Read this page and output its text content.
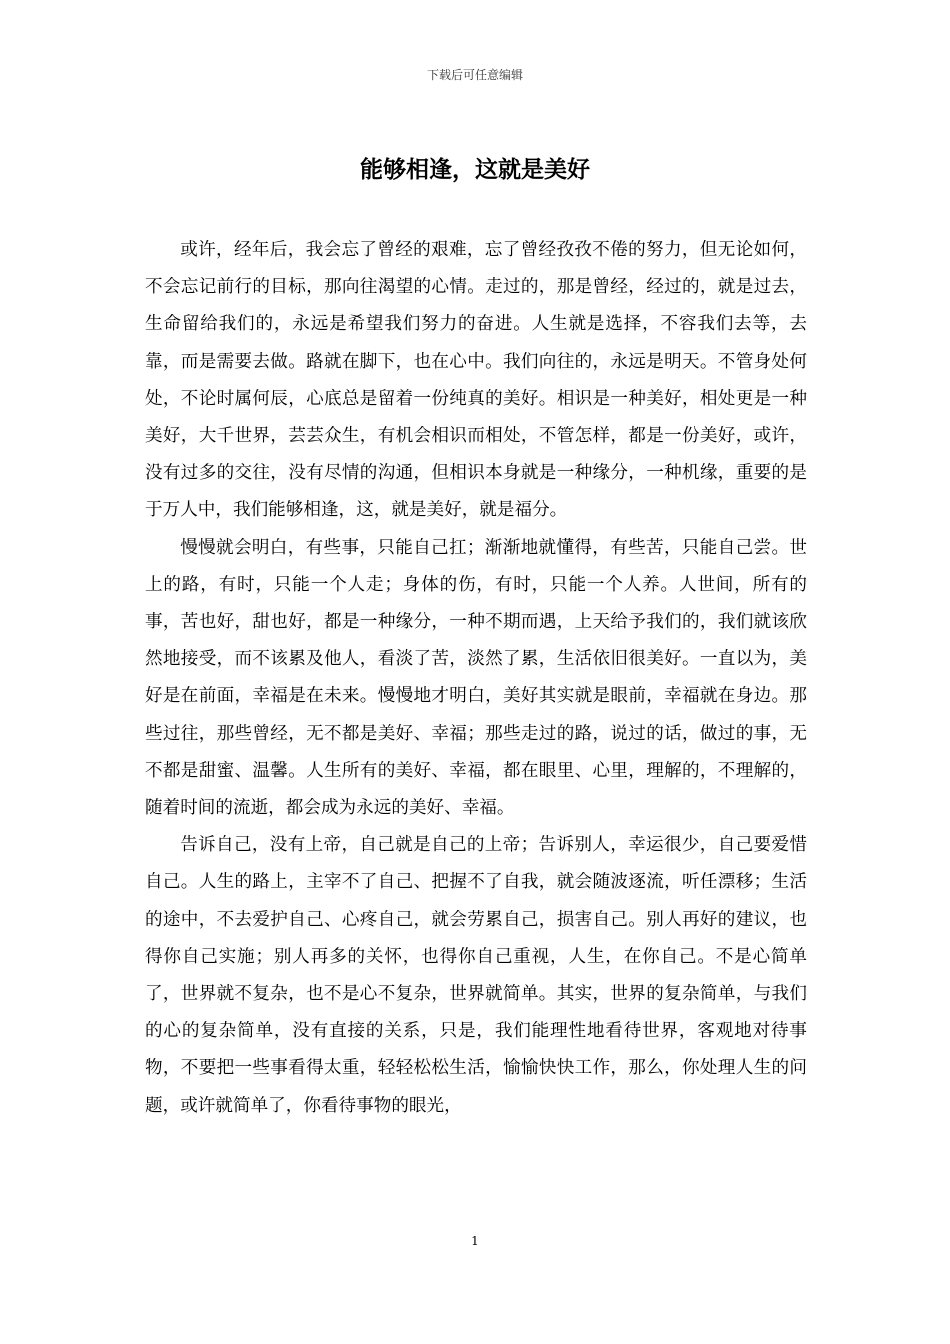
下载后可任意编辑
能够相逢，这就是美好

或许，经年后，我会忘了曾经的艰难，忘了曾经孜孜不倦的努力，但无论如何，不会忘记前行的目标，那向往渴望的心情。走过的，那是曾经，经过的，就是过去，生命留给我们的，永远是希望我们努力的奋进。人生就是选择，不容我们去等，去靠，而是需要去做。路就在脚下，也在心中。我们向往的，永远是明天。不管身处何处，不论时属何辰，心底总是留着一份纯真的美好。相识是一种美好，相处更是一种美好，大千世界，芸芸众生，有机会相识而相处，不管怎样，都是一份美好，或许，没有过多的交往，没有尽情的沟通，但相识本身就是一种缘分，一种机缘，重要的是于万人中，我们能够相逢，这，就是美好，就是福分。

慢慢就会明白，有些事，只能自己扛；渐渐地就懂得，有些苦，只能自己尝。世上的路，有时，只能一个人走；身体的伤，有时，只能一个人养。人世间，所有的事，苦也好，甜也好，都是一种缘分，一种不期而遇，上天给予我们的，我们就该欣然地接受，而不该累及他人，看淡了苦，淡然了累，生活依旧很美好。一直以为，美好是在前面，幸福是在未来。慢慢地才明白，美好其实就是眼前，幸福就在身边。那些过往，那些曾经，无不都是美好、幸福；那些走过的路，说过的话，做过的事，无不都是甜蜜、温馨。人生所有的美好、幸福，都在眼里、心里，理解的，不理解的，随着时间的流逝，都会成为永远的美好、幸福。

告诉自己，没有上帝，自己就是自己的上帝；告诉别人，幸运很少，自己要爱惜自己。人生的路上，主宰不了自己、把握不了自我，就会随波逐流，听任漂移；生活的途中，不去爱护自己、心疼自己，就会劳累自己，损害自己。别人再好的建议，也得你自己实施；别人再多的关怀，也得你自己重视，人生，在你自己。不是心简单了，世界就不复杂，也不是心不复杂，世界就简单。其实，世界的复杂简单，与我们的心的复杂简单，没有直接的关系，只是，我们能理性地看待世界，客观地对待事物，不要把一些事看得太重，轻轻松松生活，愉愉快快工作，那么，你处理人生的问题，或许就简单了，你看待事物的眼光，

1
